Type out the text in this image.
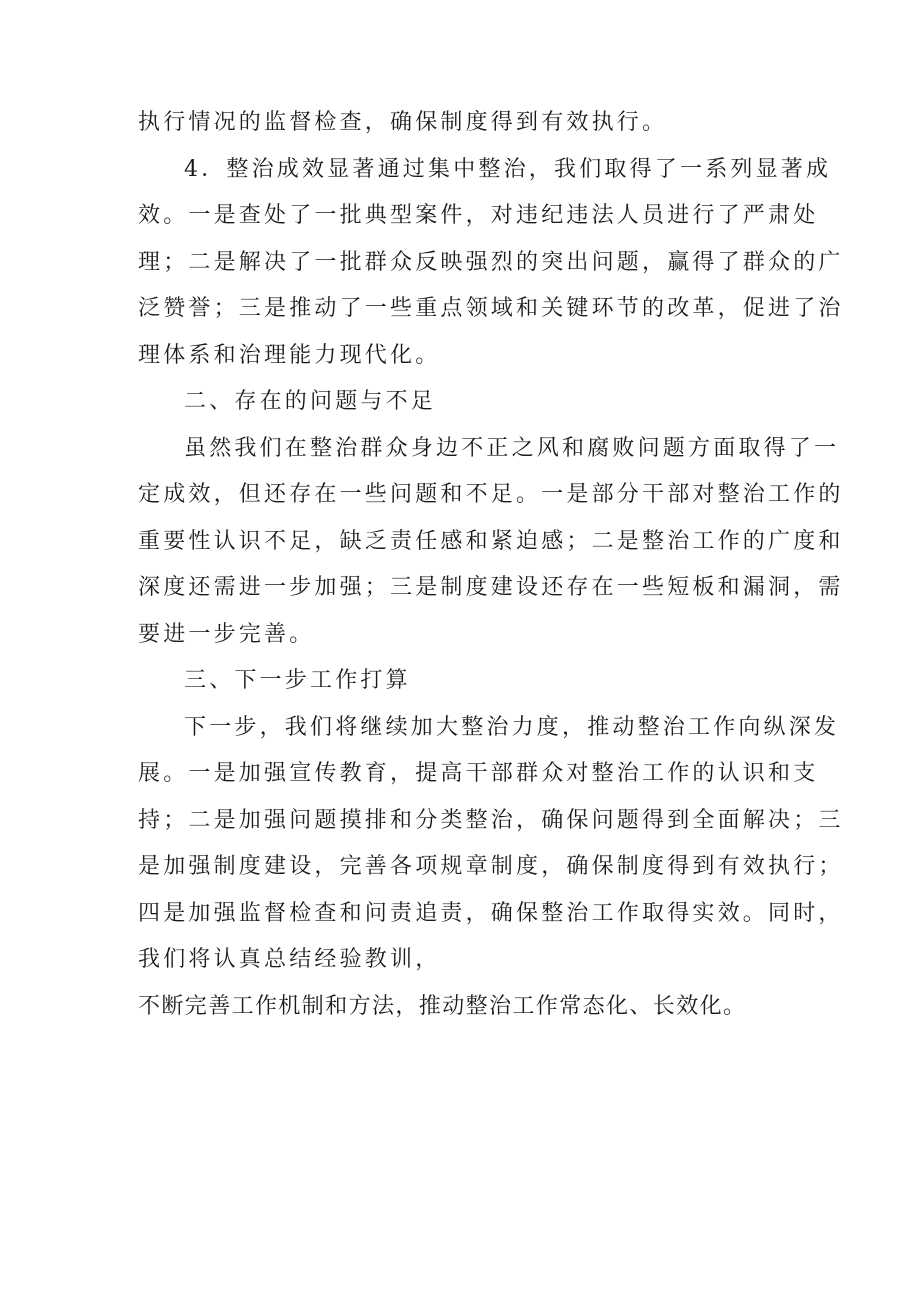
执行情况的监督检查，确保制度得到有效执行。
4．整治成效显著通过集中整治，我们取得了一系列显著成
效。一是查处了一批典型案件，对违纪违法人员进行了严肃处
理；二是解决了一批群众反映强烈的突出问题，赢得了群众的广
泛赞誉；三是推动了一些重点领域和关键环节的改革，促进了治
理体系和治理能力现代化。
二、存在的问题与不足
虽然我们在整治群众身边不正之风和腐败问题方面取得了一
定成效，但还存在一些问题和不足。一是部分干部对整治工作的
重要性认识不足，缺乏责任感和紧迫感；二是整治工作的广度和
深度还需进一步加强；三是制度建设还存在一些短板和漏洞，需
要进一步完善。
三、下一步工作打算
下一步，我们将继续加大整治力度，推动整治工作向纵深发
展。一是加强宣传教育，提高干部群众对整治工作的认识和支
持；二是加强问题摸排和分类整治，确保问题得到全面解决；三
是加强制度建设，完善各项规章制度，确保制度得到有效执行；
四是加强监督检查和问责追责，确保整治工作取得实效。同时，
我们将认真总结经验教训，
不断完善工作机制和方法，推动整治工作常态化、长效化。
